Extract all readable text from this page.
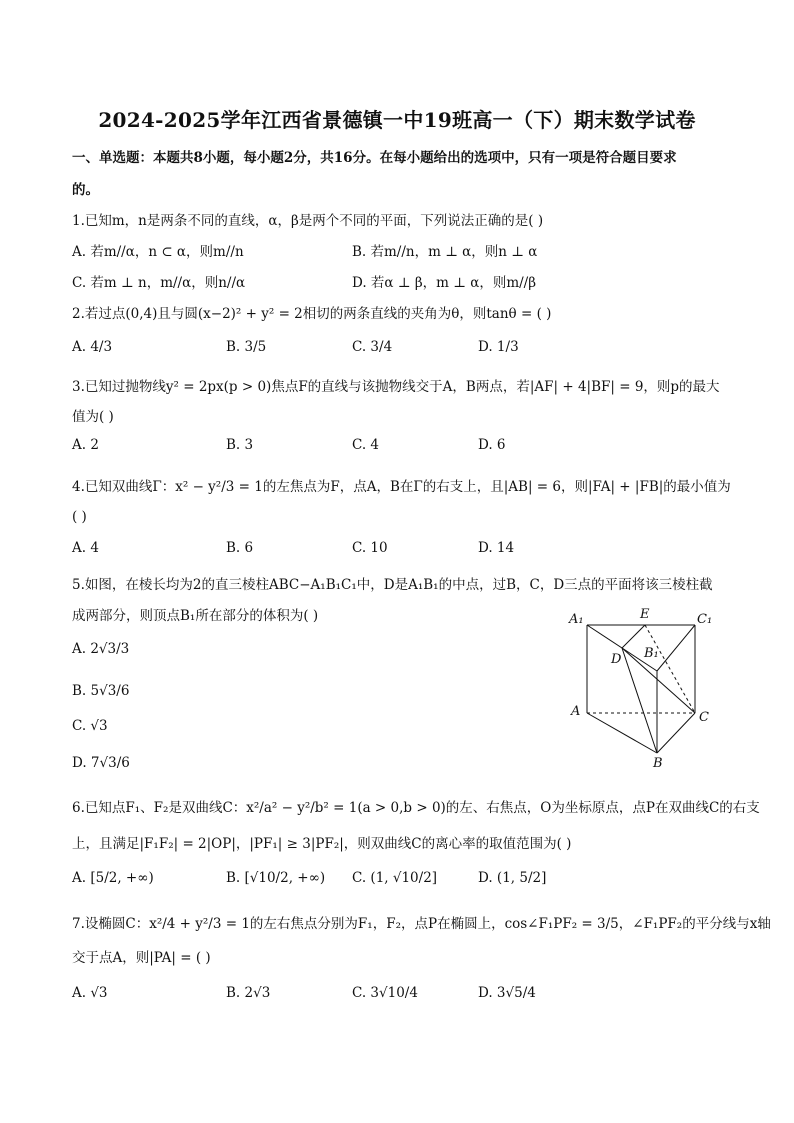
2024-2025学年江西省景德镇一中19班高一（下）期末数学试卷
一、单选题：本题共8小题，每小题2分，共16分。在每小题给出的选项中，只有一项是符合题目要求
的。
1.已知m，n是两条不同的直线，α，β是两个不同的平面，下列说法正确的是( )
A. 若m//α，n ⊂ α，则m//n	B. 若m//n，m ⊥ α，则n ⊥ α
C. 若m ⊥ n，m//α，则n//α	D. 若α ⊥ β，m ⊥ α，则m//β
2.若过点(0,4)且与圆(x−2)² + y² = 2相切的两条直线的夹角为θ，则tanθ = ( )
A. 4/3	B. 3/5	C. 3/4	D. 1/3
3.已知过抛物线y² = 2px(p > 0)焦点F的直线与该抛物线交于A，B两点，若|AF| + 4|BF| = 9，则p的最大
值为( )
A. 2	B. 3	C. 4	D. 6
4.已知双曲线Γ：x² − y²/3 = 1的左焦点为F，点A，B在Γ的右支上，且|AB| = 6，则|FA| + |FB|的最小值为
( )
A. 4	B. 6	C. 10	D. 14
5.如图，在棱长均为2的直三棱柱ABC−A₁B₁C₁中，D是A₁B₁的中点，过B，C，D三点的平面将该三棱柱截
成两部分，则顶点B₁所在部分的体积为( )
A. 2√3/3
B. 5√3/6
C. √3
D. 7√3/6
A₁	E	C₁
B₁
D
A	C
B
6.已知点F₁、F₂是双曲线C：x²/a² − y²/b² = 1(a > 0,b > 0)的左、右焦点，O为坐标原点，点P在双曲线C的右支
上，且满足|F₁F₂| = 2|OP|，|PF₁| ≥ 3|PF₂|，则双曲线C的离心率的取值范围为( )
A. [5/2, +∞)	B. [√10/2, +∞) C. (1, √10/2]	D. (1, 5/2]
7.设椭圆C：x²/4 + y²/3 = 1的左右焦点分别为F₁，F₂，点P在椭圆上，cos∠F₁PF₂ = 3/5，∠F₁PF₂的平分线与x轴
交于点A，则|PA| = ( )
A. √3	B. 2√3	C. 3√10/4	D. 3√5/4
